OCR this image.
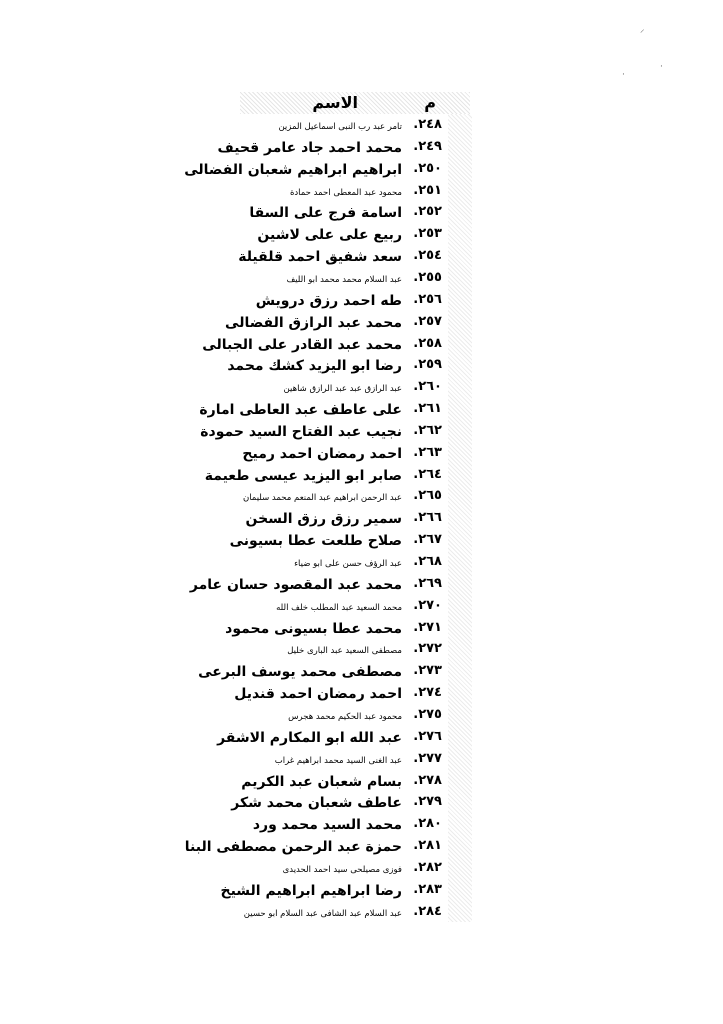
⸝
·
·
م
الاسم
٢٤٨.
تامر عبد رب النبى اسماعيل المزين
٢٤٩.
محمد احمد جاد عامر قحيف
٢٥٠.
ابراهيم ابراهيم شعبان الفضالى
٢٥١.
محمود عبد المعطى احمد حمادة
٢٥٢.
اسامة فرج على السقا
٢٥٣.
ربيع على على لاشين
٢٥٤.
سعد شفيق احمد قلقيلة
٢٥٥.
عبد السلام محمد محمد ابو الليف
٢٥٦.
طه احمد رزق درويش
٢٥٧.
محمد عبد الرازق الفضالى
٢٥٨.
محمد عبد القادر على الجبالى
٢٥٩.
رضا ابو اليزيد كشك محمد
٢٦٠.
عبد الرازق عبد عبد الرازق شاهين
٢٦١.
على عاطف عبد العاطى امارة
٢٦٢.
نجيب عبد الفتاح السيد حمودة
٢٦٣.
احمد رمضان احمد رميح
٢٦٤.
صابر ابو اليزيد عيسى طعيمة
٢٦٥.
عبد الرحمن ابراهيم عبد المنعم محمد سليمان
٢٦٦.
سمير رزق رزق السخن
٢٦٧.
صلاح طلعت عطا بسيونى
٢٦٨.
عبد الرؤف حسن على ابو ضياء
٢٦٩.
محمد عبد المقصود حسان عامر
٢٧٠.
محمد السعيد عبد المطلب خلف الله
٢٧١.
محمد عطا بسيونى محمود
٢٧٢.
مصطفى السعيد عبد البارى خليل
٢٧٣.
مصطفى محمد يوسف البرعى
٢٧٤.
احمد رمضان احمد قنديل
٢٧٥.
محمود عبد الحكيم محمد هجرس
٢٧٦.
عبد الله ابو المكارم الاشقر
٢٧٧.
عبد الغنى السيد محمد ابراهيم غراب
٢٧٨.
بسام شعبان عبد الكريم
٢٧٩.
عاطف شعبان محمد شكر
٢٨٠.
محمد السيد محمد ورد
٢٨١.
حمزة عبد الرحمن مصطفى البنا
٢٨٢.
فوزى مصيلحى سيد احمد الحديدى
٢٨٣.
رضا ابراهيم ابراهيم الشيخ
٢٨٤.
عبد السلام عبد الشافى عبد السلام ابو حسين
